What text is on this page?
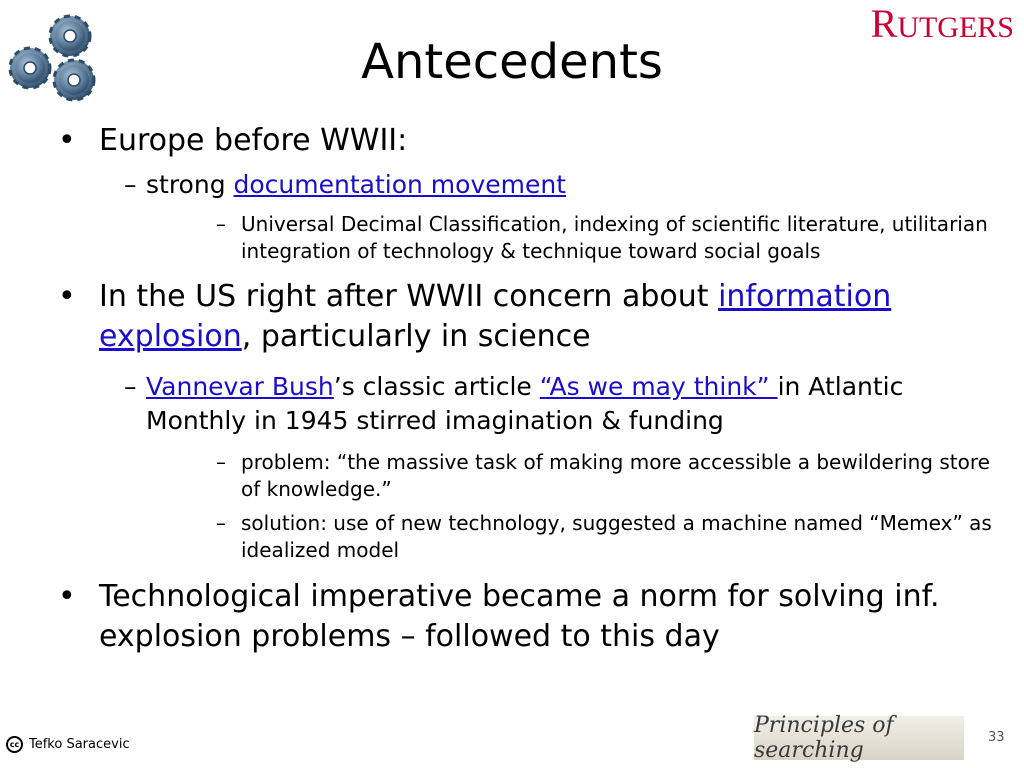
RUTGERS
Antecedents
• Europe before WWII:
– strong documentation movement
– Universal Decimal Classification, indexing of scientific literature, utilitarian integration of technology & technique toward social goals
• In the US right after WWII concern about information explosion, particularly in science
– Vannevar Bush’s classic article “As we may think” in Atlantic Monthly in 1945 stirred imagination & funding
– problem: “the massive task of making more accessible a bewildering store of knowledge.”
– solution: use of new technology, suggested a machine named “Memex” as idealized model
• Technological imperative became a norm for solving inf. explosion problems – followed to this day
cc Tefko Saracevic
Principles of searching
33
